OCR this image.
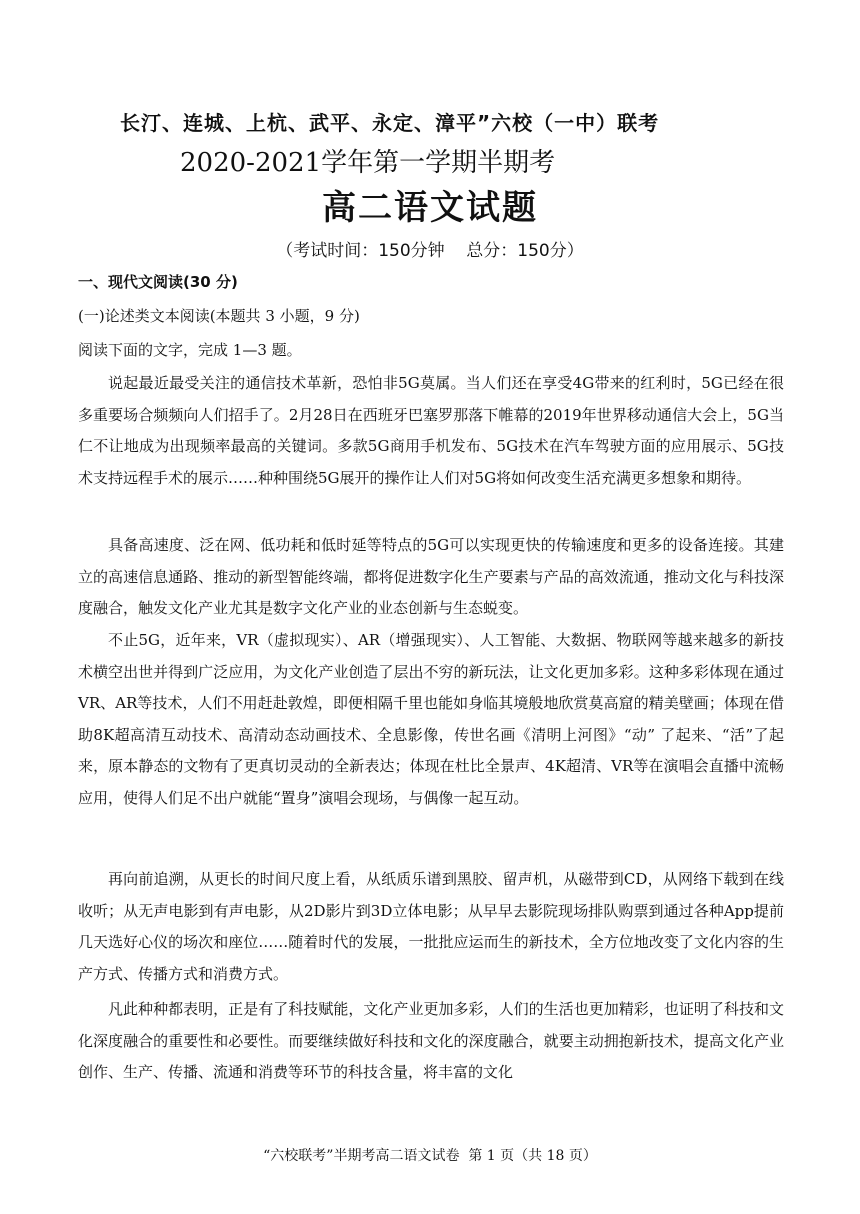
长汀、连城、上杭、武平、永定、漳平”六校（一中）联考
2020-2021学年第一学期半期考
高二语文试题
（考试时间：150分钟    总分：150分）
一、现代文阅读(30 分)
(一)论述类文本阅读(本题共 3 小题，9 分)
阅读下面的文字，完成 1—3 题。

说起最近最受关注的通信技术革新，恐怕非5G莫属。当人们还在享受4G带来的红利时，5G已经在很多重要场合频频向人们招手了。2月28日在西班牙巴塞罗那落下帷幕的2019年世界移动通信大会上，5G当仁不让地成为出现频率最高的关键词。多款5G商用手机发布、5G技术在汽车驾驶方面的应用展示、5G技术支持远程手术的展示……种种围绕5G展开的操作让人们对5G将如何改变生活充满更多想象和期待。

具备高速度、泛在网、低功耗和低时延等特点的5G可以实现更快的传输速度和更多的设备连接。其建立的高速信息通路、推动的新型智能终端，都将促进数字化生产要素与产品的高效流通，推动文化与科技深度融合，触发文化产业尤其是数字文化产业的业态创新与生态蜕变。

不止5G，近年来，VR（虚拟现实）、AR（增强现实）、人工智能、大数据、物联网等越来越多的新技术横空出世并得到广泛应用，为文化产业创造了层出不穷的新玩法，让文化更加多彩。这种多彩体现在通过VR、AR等技术，人们不用赶赴敦煌，即便相隔千里也能如身临其境般地欣赏莫高窟的精美壁画；体现在借助8K超高清互动技术、高清动态动画技术、全息影像，传世名画《清明上河图》“动” 了起来、“活”了起来，原本静态的文物有了更真切灵动的全新表达；体现在杜比全景声、4K超清、VR等在演唱会直播中流畅应用，使得人们足不出户就能“置身”演唱会现场，与偶像一起互动。

再向前追溯，从更长的时间尺度上看，从纸质乐谱到黑胶、留声机，从磁带到CD，从网络下载到在线收听；从无声电影到有声电影，从2D影片到3D立体电影；从早早去影院现场排队购票到通过各种App提前几天选好心仪的场次和座位……随着时代的发展，一批批应运而生的新技术，全方位地改变了文化内容的生产方式、传播方式和消费方式。

凡此种种都表明，正是有了科技赋能，文化产业更加多彩，人们的生活也更加精彩，也证明了科技和文化深度融合的重要性和必要性。而要继续做好科技和文化的深度融合，就要主动拥抱新技术，提高文化产业创作、生产、传播、流通和消费等环节的科技含量，将丰富的文化

“六校联考”半期考高二语文试卷  第 1 页（共 18 页）
